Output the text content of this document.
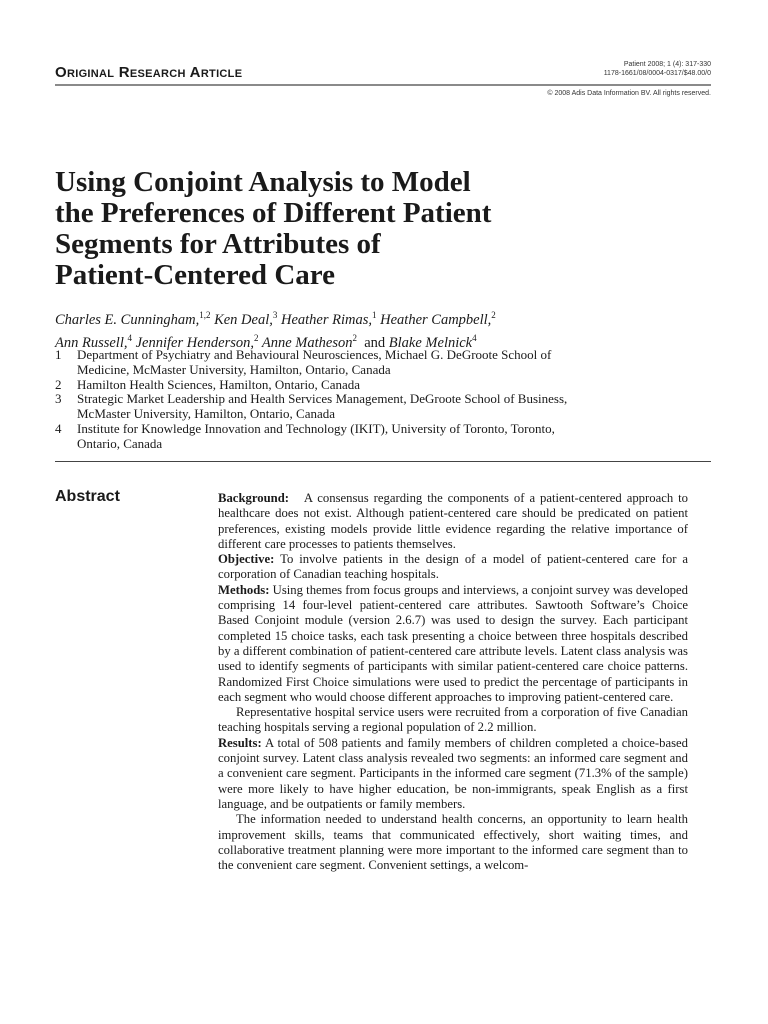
Original Research Article	Patient 2008; 1 (4): 317-330
1178-1661/08/0004-0317/$48.00/0
© 2008 Adis Data Information BV. All rights reserved.
Using Conjoint Analysis to Model
the Preferences of Different Patient
Segments for Attributes of
Patient-Centered Care
Charles E. Cunningham,$^{1,2}$ Ken Deal,$^3$ Heather Rimas,$^1$ Heather Campbell,$^2$
Ann Russell,$^4$ Jennifer Henderson,$^2$ Anne Matheson$^2$ and Blake Melnick$^4$
1	Department of Psychiatry and Behavioural Neurosciences, Michael G. DeGroote School of
Medicine, McMaster University, Hamilton, Ontario, Canada
2	Hamilton Health Sciences, Hamilton, Ontario, Canada
3	Strategic Market Leadership and Health Services Management, DeGroote School of Business,
McMaster University, Hamilton, Ontario, Canada
4	Institute for Knowledge Innovation and Technology (IKIT), University of Toronto, Toronto,
Ontario, Canada
Abstract	Background: A consensus regarding the components of a patient-centered approach to healthcare does not exist. Although patient-centered care should be predicated on patient preferences, existing models provide little evidence regarding the relative importance of different care processes to patients themselves.

Objective: To involve patients in the design of a model of patient-centered care for a corporation of Canadian teaching hospitals.

Methods: Using themes from focus groups and interviews, a conjoint survey was developed comprising 14 four-level patient-centered care attributes. Sawtooth Software’s Choice Based Conjoint module (version 2.6.7) was used to design the survey. Each participant completed 15 choice tasks, each task presenting a choice between three hospitals described by a different combination of patient-centered care attribute levels. Latent class analysis was used to identify segments of participants with similar patient-centered care choice patterns. Randomized First Choice simulations were used to predict the percentage of participants in each segment who would choose different approaches to improving patient-centered care.

Representative hospital service users were recruited from a corporation of five Canadian teaching hospitals serving a regional population of 2.2 million.

Results: A total of 508 patients and family members of children completed a choice-based conjoint survey. Latent class analysis revealed two segments: an informed care segment and a convenient care segment. Participants in the informed care segment (71.3% of the sample) were more likely to have higher education, be non-immigrants, speak English as a first language, and be outpatients or family members.

The information needed to understand health concerns, an opportunity to learn health improvement skills, teams that communicated effectively, short waiting times, and collaborative treatment planning were more important to the informed care segment than to the convenient care segment. Convenient settings, a welcom-
